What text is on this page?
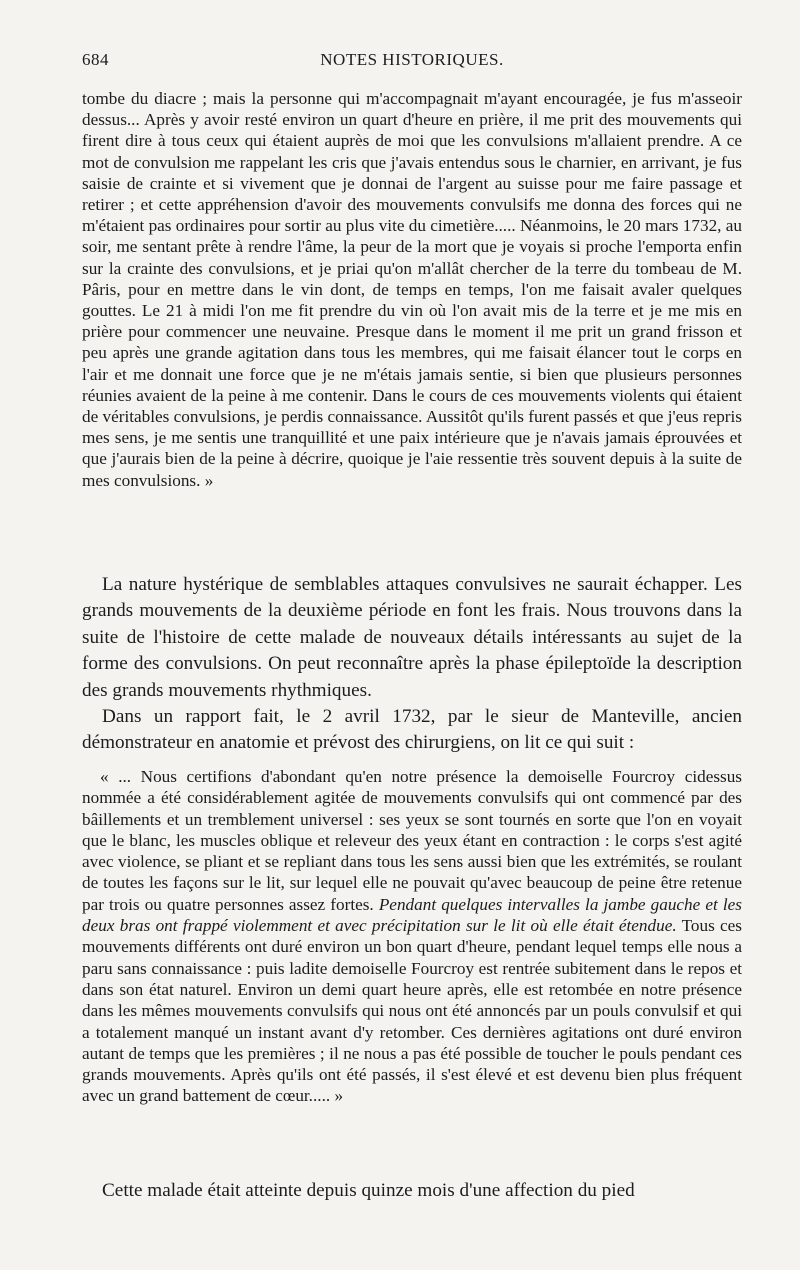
684	NOTES HISTORIQUES.
tombe du diacre ; mais la personne qui m'accompagnait m'ayant encouragée, je fus m'asseoir dessus... Après y avoir resté environ un quart d'heure en prière, il me prit des mouvements qui firent dire à tous ceux qui étaient auprès de moi que les convulsions m'allaient prendre. A ce mot de convulsion me rappelant les cris que j'avais entendus sous le charnier, en arrivant, je fus saisie de crainte et si vivement que je donnai de l'argent au suisse pour me faire passage et retirer ; et cette appréhension d'avoir des mouvements convulsifs me donna des forces qui ne m'étaient pas ordinaires pour sortir au plus vite du cimetière..... Néanmoins, le 20 mars 1732, au soir, me sentant prête à rendre l'âme, la peur de la mort que je voyais si proche l'emporta enfin sur la crainte des convulsions, et je priai qu'on m'allât chercher de la terre du tombeau de M. Pâris, pour en mettre dans le vin dont, de temps en temps, l'on me faisait avaler quelques gouttes. Le 21 à midi l'on me fit prendre du vin où l'on avait mis de la terre et je me mis en prière pour commencer une neuvaine. Presque dans le moment il me prit un grand frisson et peu après une grande agitation dans tous les membres, qui me faisait élancer tout le corps en l'air et me donnait une force que je ne m'étais jamais sentie, si bien que plusieurs personnes réunies avaient de la peine à me contenir. Dans le cours de ces mouvements violents qui étaient de véritables convulsions, je perdis connaissance. Aussitôt qu'ils furent passés et que j'eus repris mes sens, je me sentis une tranquillité et une paix intérieure que je n'avais jamais éprouvées et que j'aurais bien de la peine à décrire, quoique je l'aie ressentie très souvent depuis à la suite de mes convulsions. »

La nature hystérique de semblables attaques convulsives ne saurait échapper. Les grands mouvements de la deuxième période en font les frais. Nous trouvons dans la suite de l'histoire de cette malade de nouveaux détails intéressants au sujet de la forme des convulsions. On peut reconnaître après la phase épileptoïde la description des grands mouvements rhythmiques.

Dans un rapport fait, le 2 avril 1732, par le sieur de Manteville, ancien démonstrateur en anatomie et prévost des chirurgiens, on lit ce qui suit :

« ... Nous certifions d'abondant qu'en notre présence la demoiselle Fourcroy cidessus nommée a été considérablement agitée de mouvements convulsifs qui ont commencé par des bâillements et un tremblement universel : ses yeux se sont tournés en sorte que l'on en voyait que le blanc, les muscles oblique et releveur des yeux étant en contraction : le corps s'est agité avec violence, se pliant et se repliant dans tous les sens aussi bien que les extrémités, se roulant de toutes les façons sur le lit, sur lequel elle ne pouvait qu'avec beaucoup de peine être retenue par trois ou quatre personnes assez fortes. Pendant quelques intervalles la jambe gauche et les deux bras ont frappé violemment et avec précipitation sur le lit où elle était étendue. Tous ces mouvements différents ont duré environ un bon quart d'heure, pendant lequel temps elle nous a paru sans connaissance : puis ladite demoiselle Fourcroy est rentrée subitement dans le repos et dans son état naturel. Environ un demi quart heure après, elle est retombée en notre présence dans les mêmes mouvements convulsifs qui nous ont été annoncés par un pouls convulsif et qui a totalement manqué un instant avant d'y retomber. Ces dernières agitations ont duré environ autant de temps que les premières ; il ne nous a pas été possible de toucher le pouls pendant ces grands mouvements. Après qu'ils ont été passés, il s'est élevé et est devenu bien plus fréquent avec un grand battement de cœur..... »
Cette malade était atteinte depuis quinze mois d'une affection du pied
